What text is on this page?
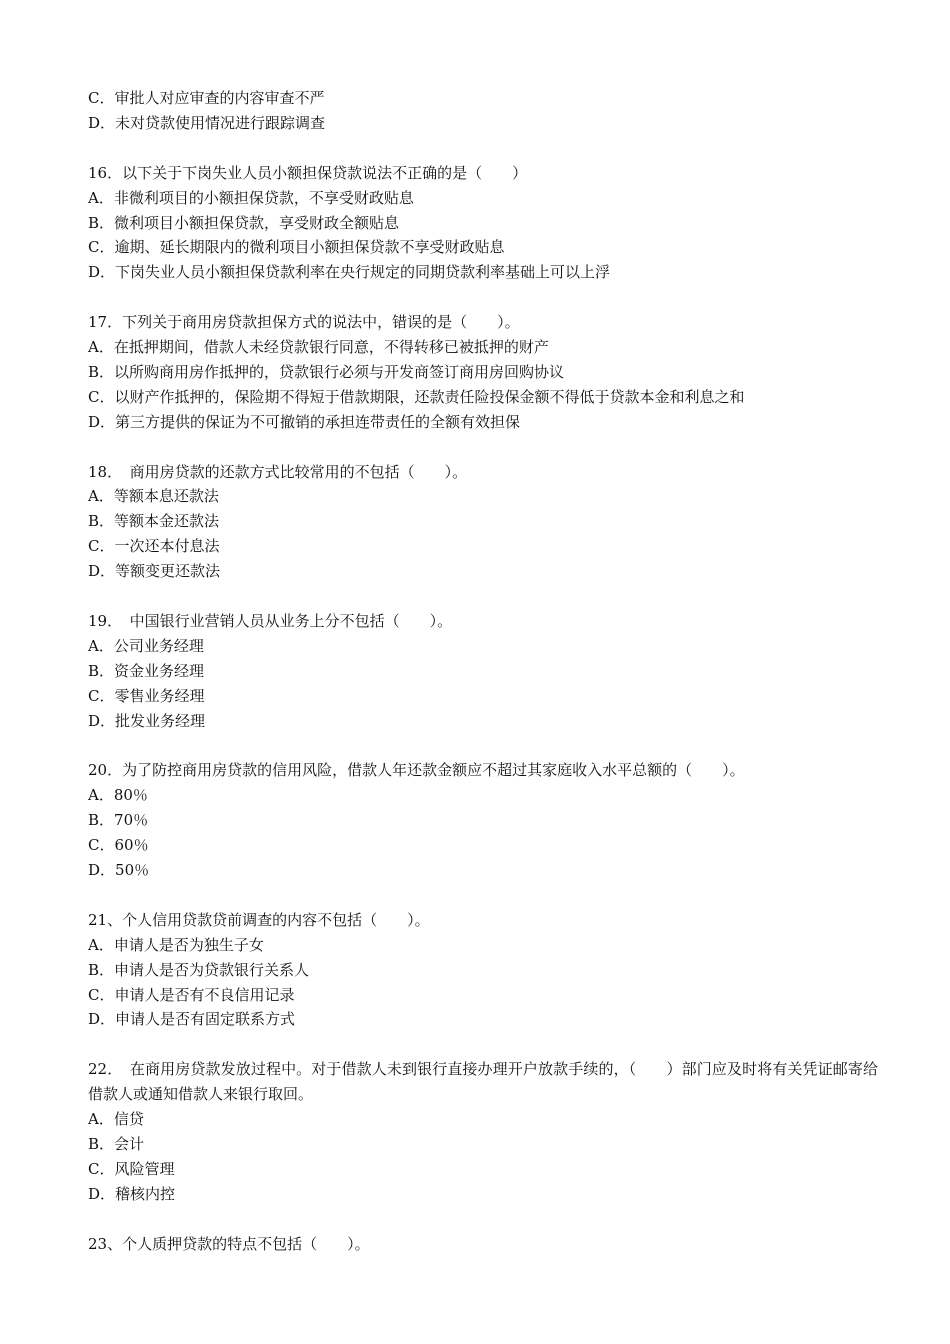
C．审批人对应审查的内容审查不严

D．未对贷款使用情况进行跟踪调查

16．以下关于下岗失业人员小额担保贷款说法不正确的是（　　）

A．非微利项目的小额担保贷款，不享受财政贴息

B．微利项目小额担保贷款，享受财政全额贴息

C．逾期、延长期限内的微利项目小额担保贷款不享受财政贴息

D．下岗失业人员小额担保贷款利率在央行规定的同期贷款利率基础上可以上浮

17．下列关于商用房贷款担保方式的说法中，错误的是（　　）。

A．在抵押期间，借款人未经贷款银行同意，不得转移已被抵押的财产

B．以所购商用房作抵押的，贷款银行必须与开发商签订商用房回购协议

C．以财产作抵押的，保险期不得短于借款期限，还款责任险投保金额不得低于贷款本金和利息之和

D．第三方提供的保证为不可撤销的承担连带责任的全额有效担保

18．　商用房贷款的还款方式比较常用的不包括（　　）。

A．等额本息还款法

B．等额本金还款法

C．一次还本付息法

D．等额变更还款法

19．　中国银行业营销人员从业务上分不包括（　　）。

A．公司业务经理

B．资金业务经理

C．零售业务经理

D．批发业务经理

20．为了防控商用房贷款的信用风险，借款人年还款金额应不超过其家庭收入水平总额的（　　）。

A．80％

B．70％

C．60％

D．50％

21、个人信用贷款贷前调查的内容不包括（　　）。

A．申请人是否为独生子女

B．申请人是否为贷款银行关系人

C．申请人是否有不良信用记录

D．申请人是否有固定联系方式

22．　在商用房贷款发放过程中。对于借款人未到银行直接办理开户放款手续的，（　　）部门应及时将有关凭证邮寄给借款人或通知借款人来银行取回。

A．信贷

B．会计

C．风险管理

D．稽核内控

23、个人质押贷款的特点不包括（　　）。
